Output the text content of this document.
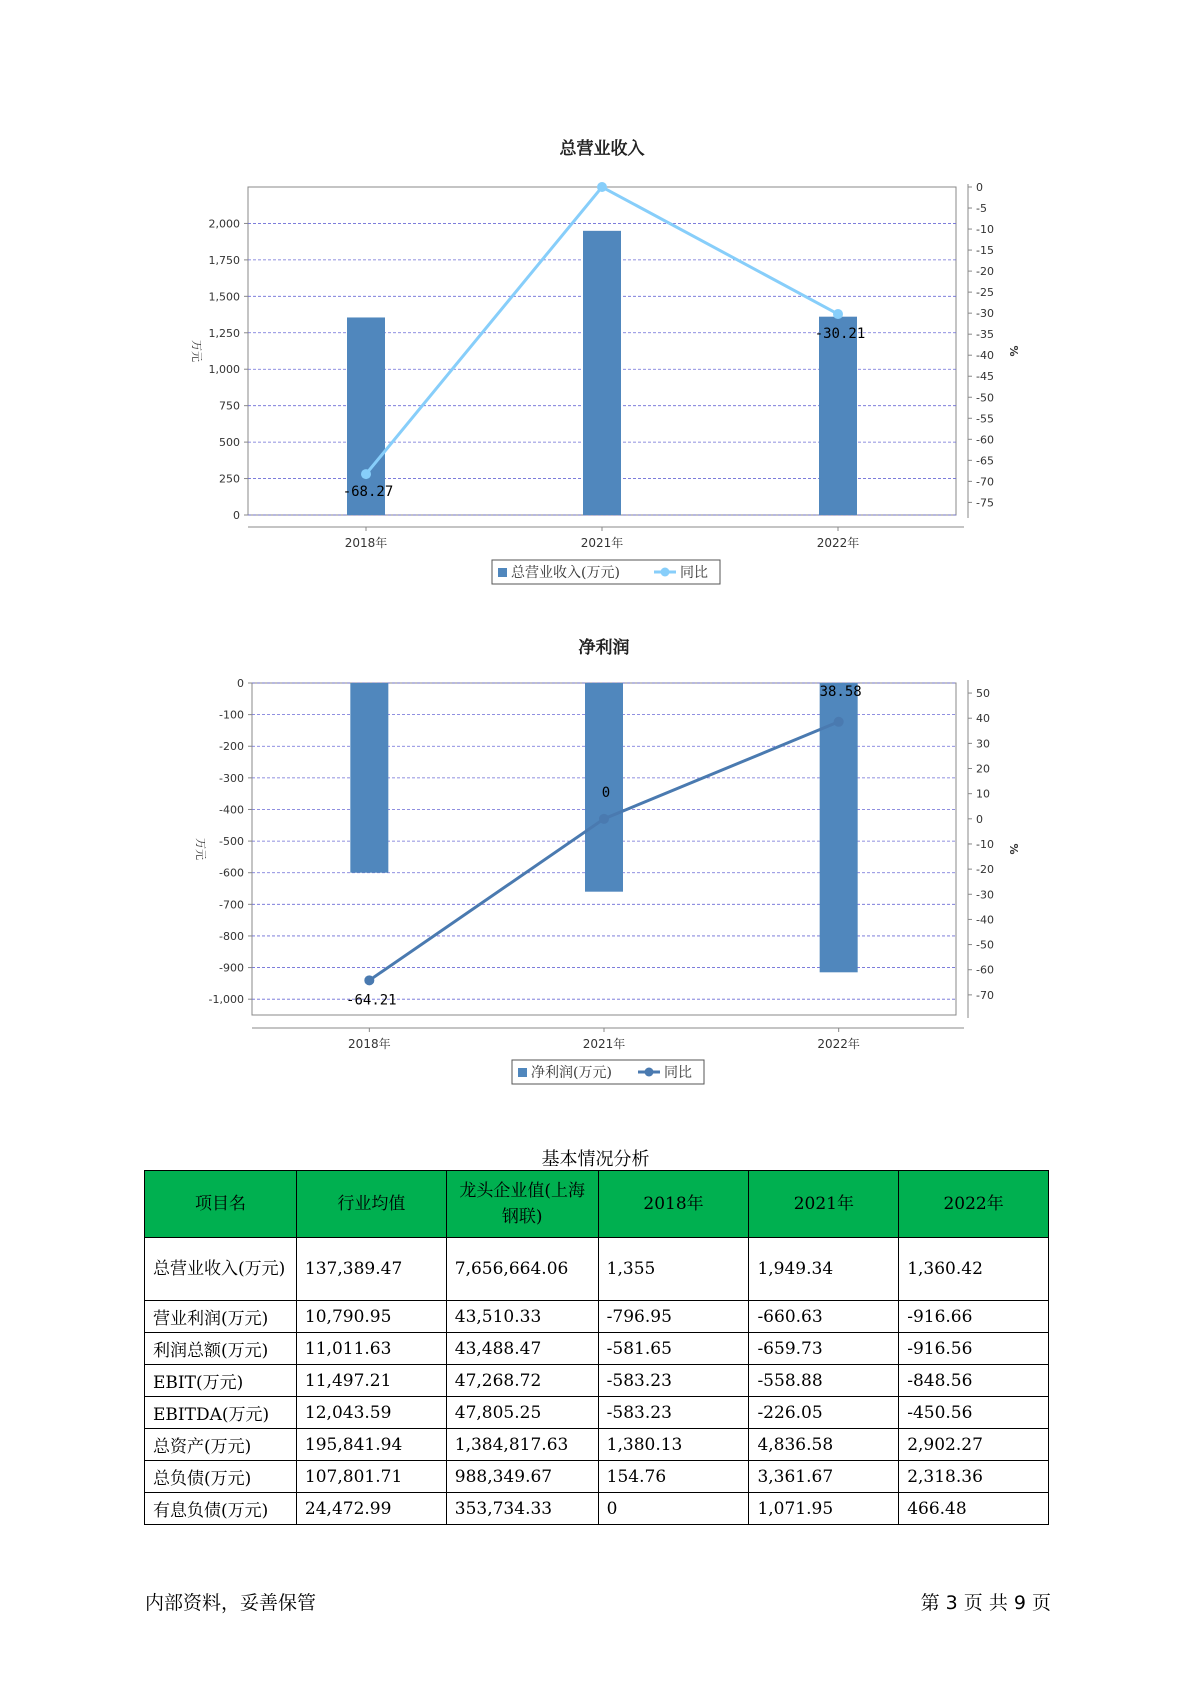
总营业收入
0
250
500
750
1,000
1,250
1,500
1,750
2,000
0
-5
-10
-15
-20
-25
-30
-35
-40
-45
-50
-55
-60
-65
-70
-75
万元	%
2018年	2021年	2022年
-68.27
-30.21
总营业收入(万元)	同比
净利润
0
-100
-200
-300
-400
-500
-600
-700
-800
-900
-1,000
50
40
30
20
10
0
-10
-20
-30
-40
-50
-60
-70
万元	%
2018年	2021年	2022年
-64.21
0
38.58
净利润(万元)	同比
基本情况分析
项目名	行业均值	龙头企业值(上海钢联)	2018年	2021年	2022年
总营业收入(万元)	137,389.47	7,656,664.06	1,355	1,949.34	1,360.42
营业利润(万元)	10,790.95	43,510.33	-796.95	-660.63	-916.66
利润总额(万元)	11,011.63	43,488.47	-581.65	-659.73	-916.56
EBIT(万元)	11,497.21	47,268.72	-583.23	-558.88	-848.56
EBITDA(万元)	12,043.59	47,805.25	-583.23	-226.05	-450.56
总资产(万元)	195,841.94	1,384,817.63	1,380.13	4,836.58	2,902.27
总负债(万元)	107,801.71	988,349.67	154.76	3,361.67	2,318.36
有息负债(万元)	24,472.99	353,734.33	0	1,071.95	466.48
内部资料，妥善保管	第 3 页 共 9 页
